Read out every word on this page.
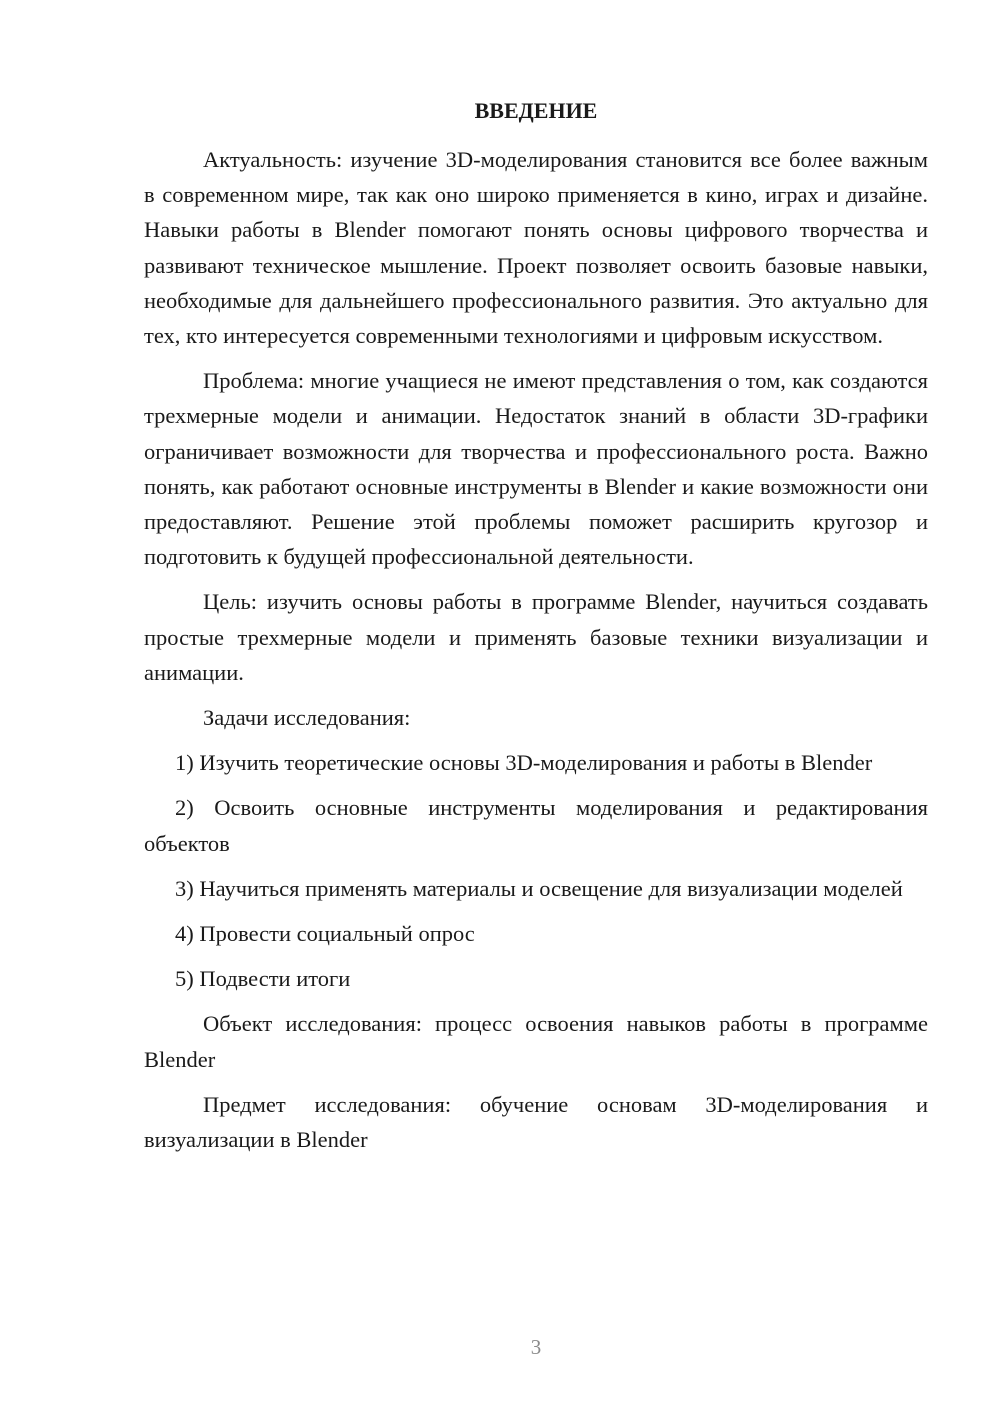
ВВЕДЕНИЕ

Актуальность: изучение 3D-моделирования становится все более важным в современном мире, так как оно широко применяется в кино, играх и дизайне. Навыки работы в Blender помогают понять основы цифрового творчества и развивают техническое мышление. Проект позволяет освоить базовые навыки, необходимые для дальнейшего профессионального развития. Это актуально для тех, кто интересуется современными технологиями и цифровым искусством.

Проблема: многие учащиеся не имеют представления о том, как создаются трехмерные модели и анимации. Недостаток знаний в области 3D-графики ограничивает возможности для творчества и профессионального роста. Важно понять, как работают основные инструменты в Blender и какие возможности они предоставляют. Решение этой проблемы поможет расширить кругозор и подготовить к будущей профессиональной деятельности.

Цель: изучить основы работы в программе Blender, научиться создавать простые трехмерные модели и применять базовые техники визуализации и анимации.

Задачи исследования:

1) Изучить теоретические основы 3D-моделирования и работы в Blender

2) Освоить основные инструменты моделирования и редактирования объектов

3) Научиться применять материалы и освещение для визуализации моделей

4) Провести социальный опрос

5) Подвести итоги

Объект исследования: процесс освоения навыков работы в программе Blender

Предмет исследования: обучение основам 3D-моделирования и визуализации в Blender

3
